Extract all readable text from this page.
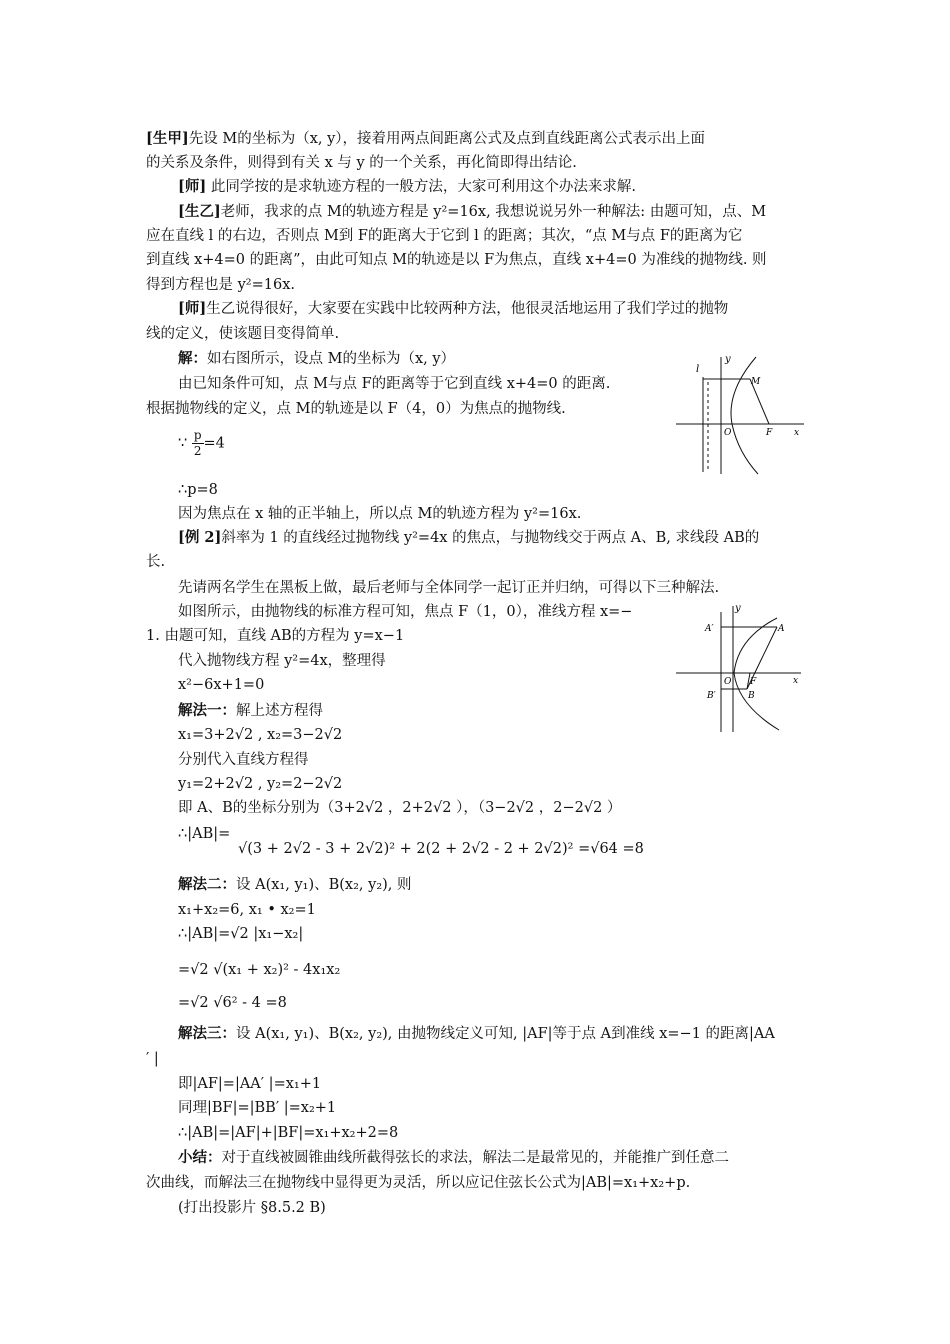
[生甲]先设 M的坐标为（x, y），接着用两点间距离公式及点到直线距离公式表示出上面
的关系及条件，则得到有关 x 与 y 的一个关系，再化简即得出结论.
[师] 此同学按的是求轨迹方程的一般方法，大家可利用这个办法来求解.
[生乙]老师，我求的点 M的轨迹方程是 y²=16x, 我想说说另外一种解法: 由题可知，点、M
应在直线 l 的右边，否则点 M到 F的距离大于它到 l 的距离；其次，“点 M与点 F的距离为它
到直线 x+4=0 的距离”，由此可知点 M的轨迹是以 F为焦点，直线 x+4=0 为准线的抛物线. 则
得到方程也是 y²=16x.
[师]生乙说得很好，大家要在实践中比较两种方法，他很灵活地运用了我们学过的抛物
线的定义，使该题目变得简单.
解：如右图所示，设点 M的坐标为（x, y）
由已知条件可知，点 M与点 F的距离等于它到直线 x+4=0 的距离.
根据抛物线的定义，点 M的轨迹是以 F（4，0）为焦点的抛物线.
∴p=8
因为焦点在 x 轴的正半轴上，所以点 M的轨迹方程为 y²=16x.
[例 2]斜率为 1 的直线经过抛物线 y²=4x 的焦点，与抛物线交于两点 A、B, 求线段 AB的
长.
先请两名学生在黑板上做，最后老师与全体同学一起订正并归纳，可得以下三种解法.
如图所示，由抛物线的标准方程可知，焦点 F（1，0），准线方程 x=−
1. 由题可知，直线 AB的方程为 y=x−1
代入抛物线方程 y²=4x，整理得
x²−6x+1=0
解法一：解上述方程得
x₁=3+2√2 , x₂=3−2√2
分别代入直线方程得
y₁=2+2√2 , y₂=2−2√2
即 A、B的坐标分别为（3+2√2 ，2+2√2 ），（3−2√2 ，2−2√2 ）
∴|AB|=
√(3 + 2√2 - 3 + 2√2)² + 2(2 + 2√2 - 2 + 2√2)² =√64 =8
解法二：设 A(x₁, y₁)、B(x₂, y₂), 则
x₁+x₂=6, x₁ • x₂=1
∴|AB|=√2 |x₁−x₂|
=√2 √(x₁ + x₂)² - 4x₁x₂
=√2 √6² - 4 =8
解法三：设 A(x₁, y₁)、B(x₂, y₂), 由抛物线定义可知, |AF|等于点 A到准线 x=−1 的距离|AA
′ |
即|AF|=|AA′ |=x₁+1
同理|BF|=|BB′ |=x₂+1
∴|AB|=|AF|+|BF|=x₁+x₂+2=8
小结：对于直线被圆锥曲线所截得弦长的求法，解法二是最常见的，并能推广到任意二
次曲线，而解法三在抛物线中显得更为灵活，所以应记住弦长公式为|AB|=x₁+x₂+p.
(打出投影片 §8.5.2 B)
∵ $\frac{p}{2} =4$
y
l
M
O	F x
y
A′	A
O F	x
B′	B
